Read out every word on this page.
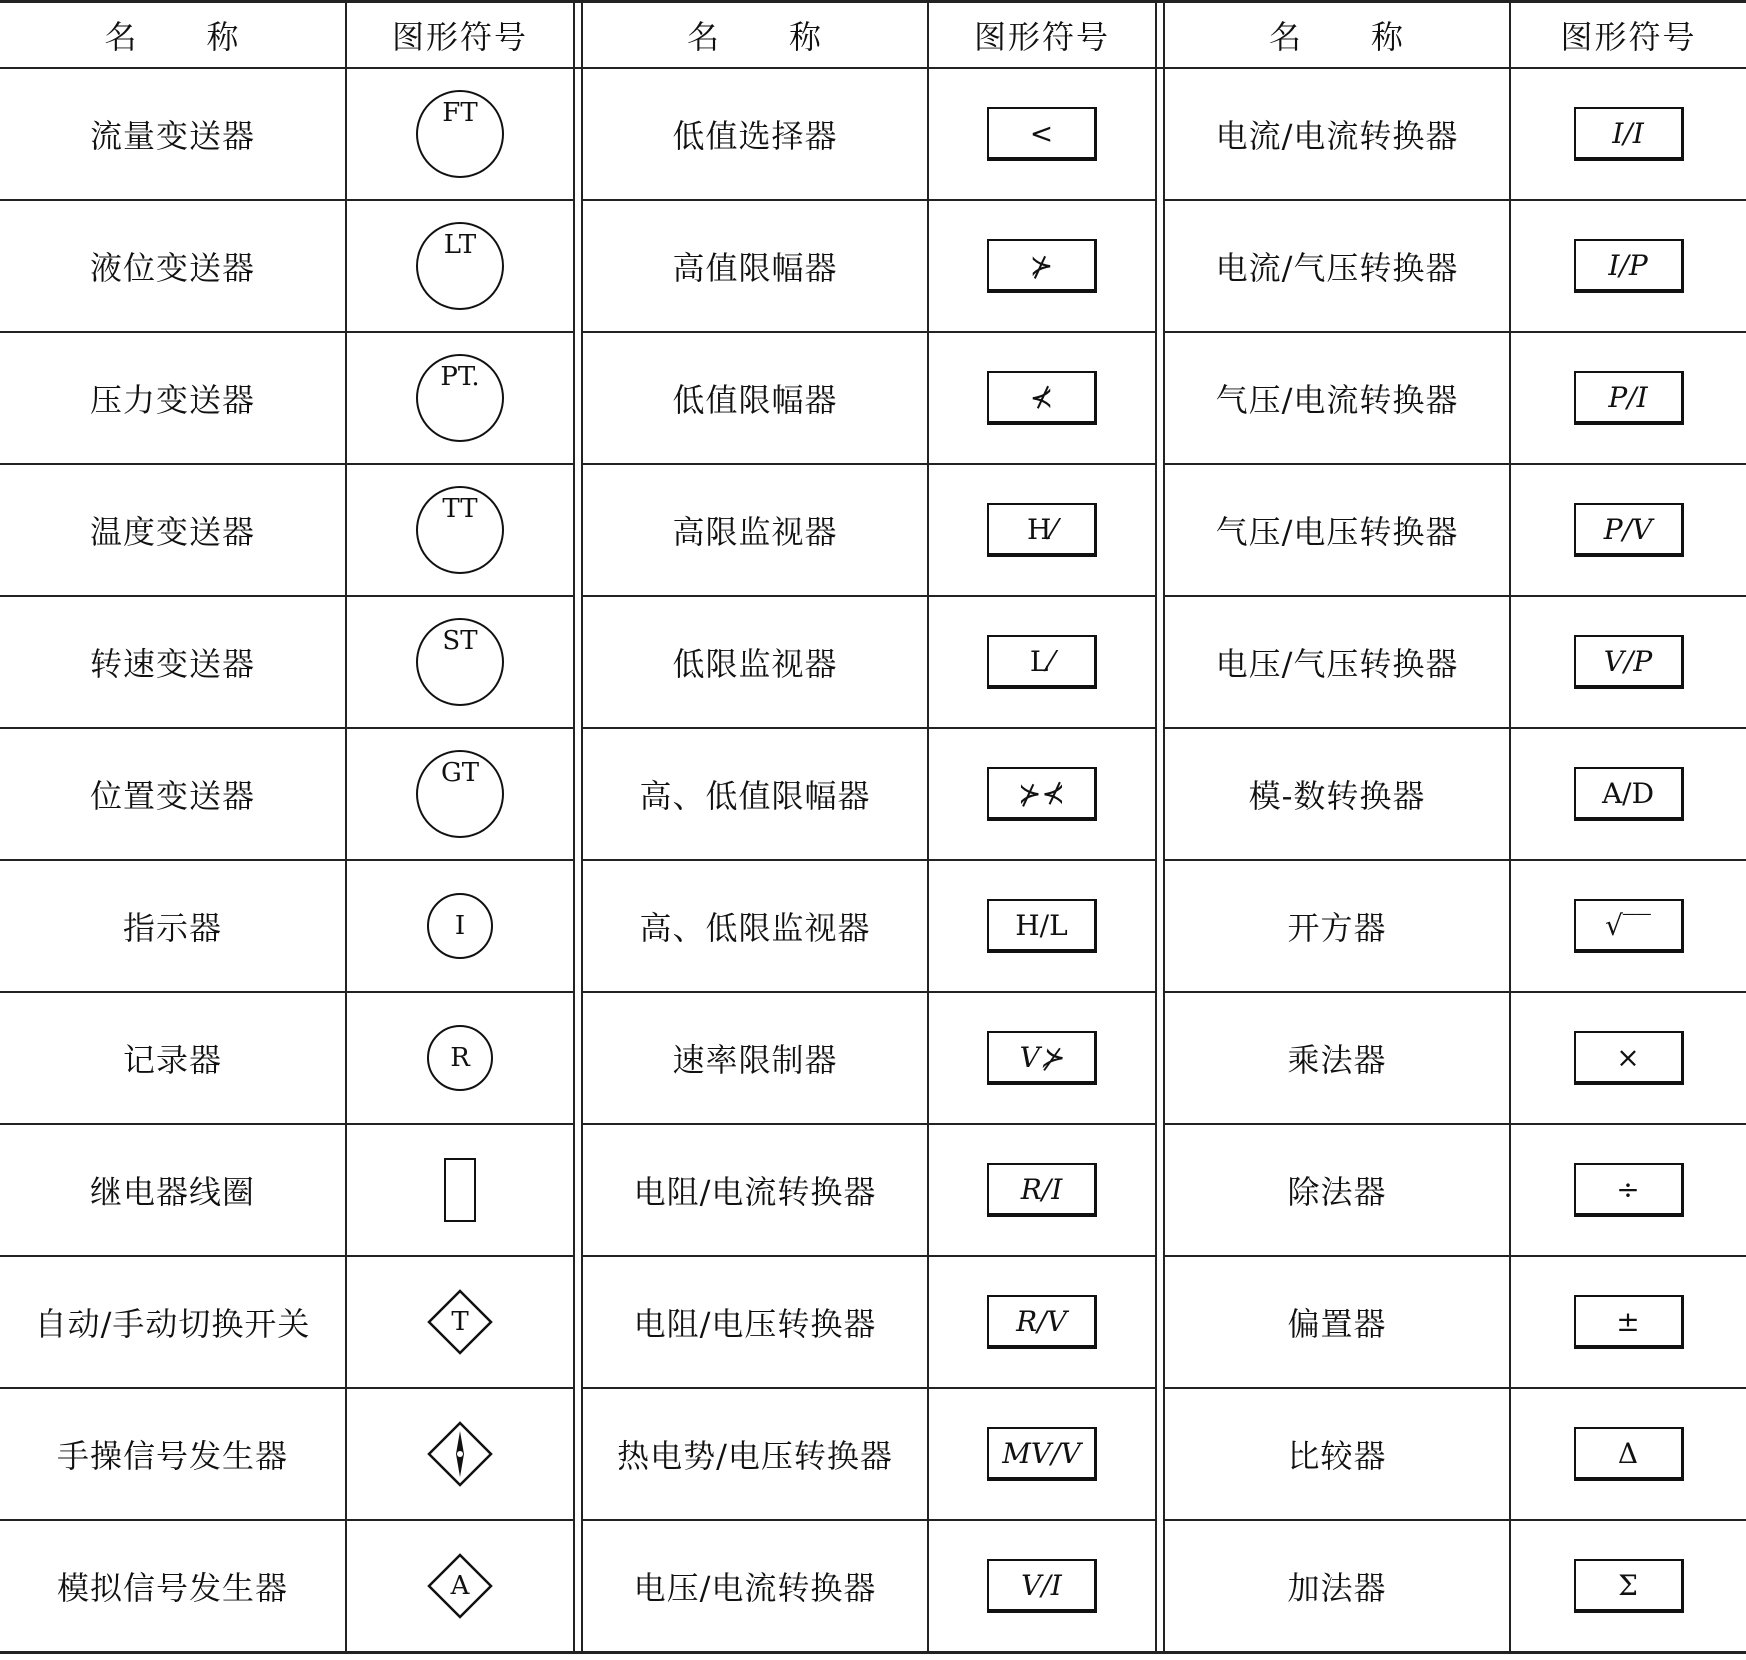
名　　称	图形符号		名　　称	图形符号		名　　称	图形符号
流量变送器	FT		低值选择器	<		电流/电流转换器	I/I

液位变送器	LT		高值限幅器	⊁		电流/气压转换器	I/P

压力变送器	PT.		低值限幅器	⊀		气压/电流转换器	P/I

温度变送器	TT		高限监视器	H⁄		气压/电压转换器	P/V

转速变送器	ST		低限监视器	L⁄		电压/气压转换器	V/P

位置变送器	GT		高、低值限幅器	⊁⊀		模-数转换器	A/D

指示器	I		高、低限监视器	H/L		开方器	√‾‾

记录器	R		速率限制器	V⊁		乘法器	×

继电器线圈			电阻/电流转换器	R/I		除法器	÷

自动/手动切换开关	T		电阻/电压转换器	R/V		偏置器	±

手操信号发生器			热电势/电压转换器	MV/V		比较器	Δ

模拟信号发生器	A		电压/电流转换器	V/I		加法器	Σ
